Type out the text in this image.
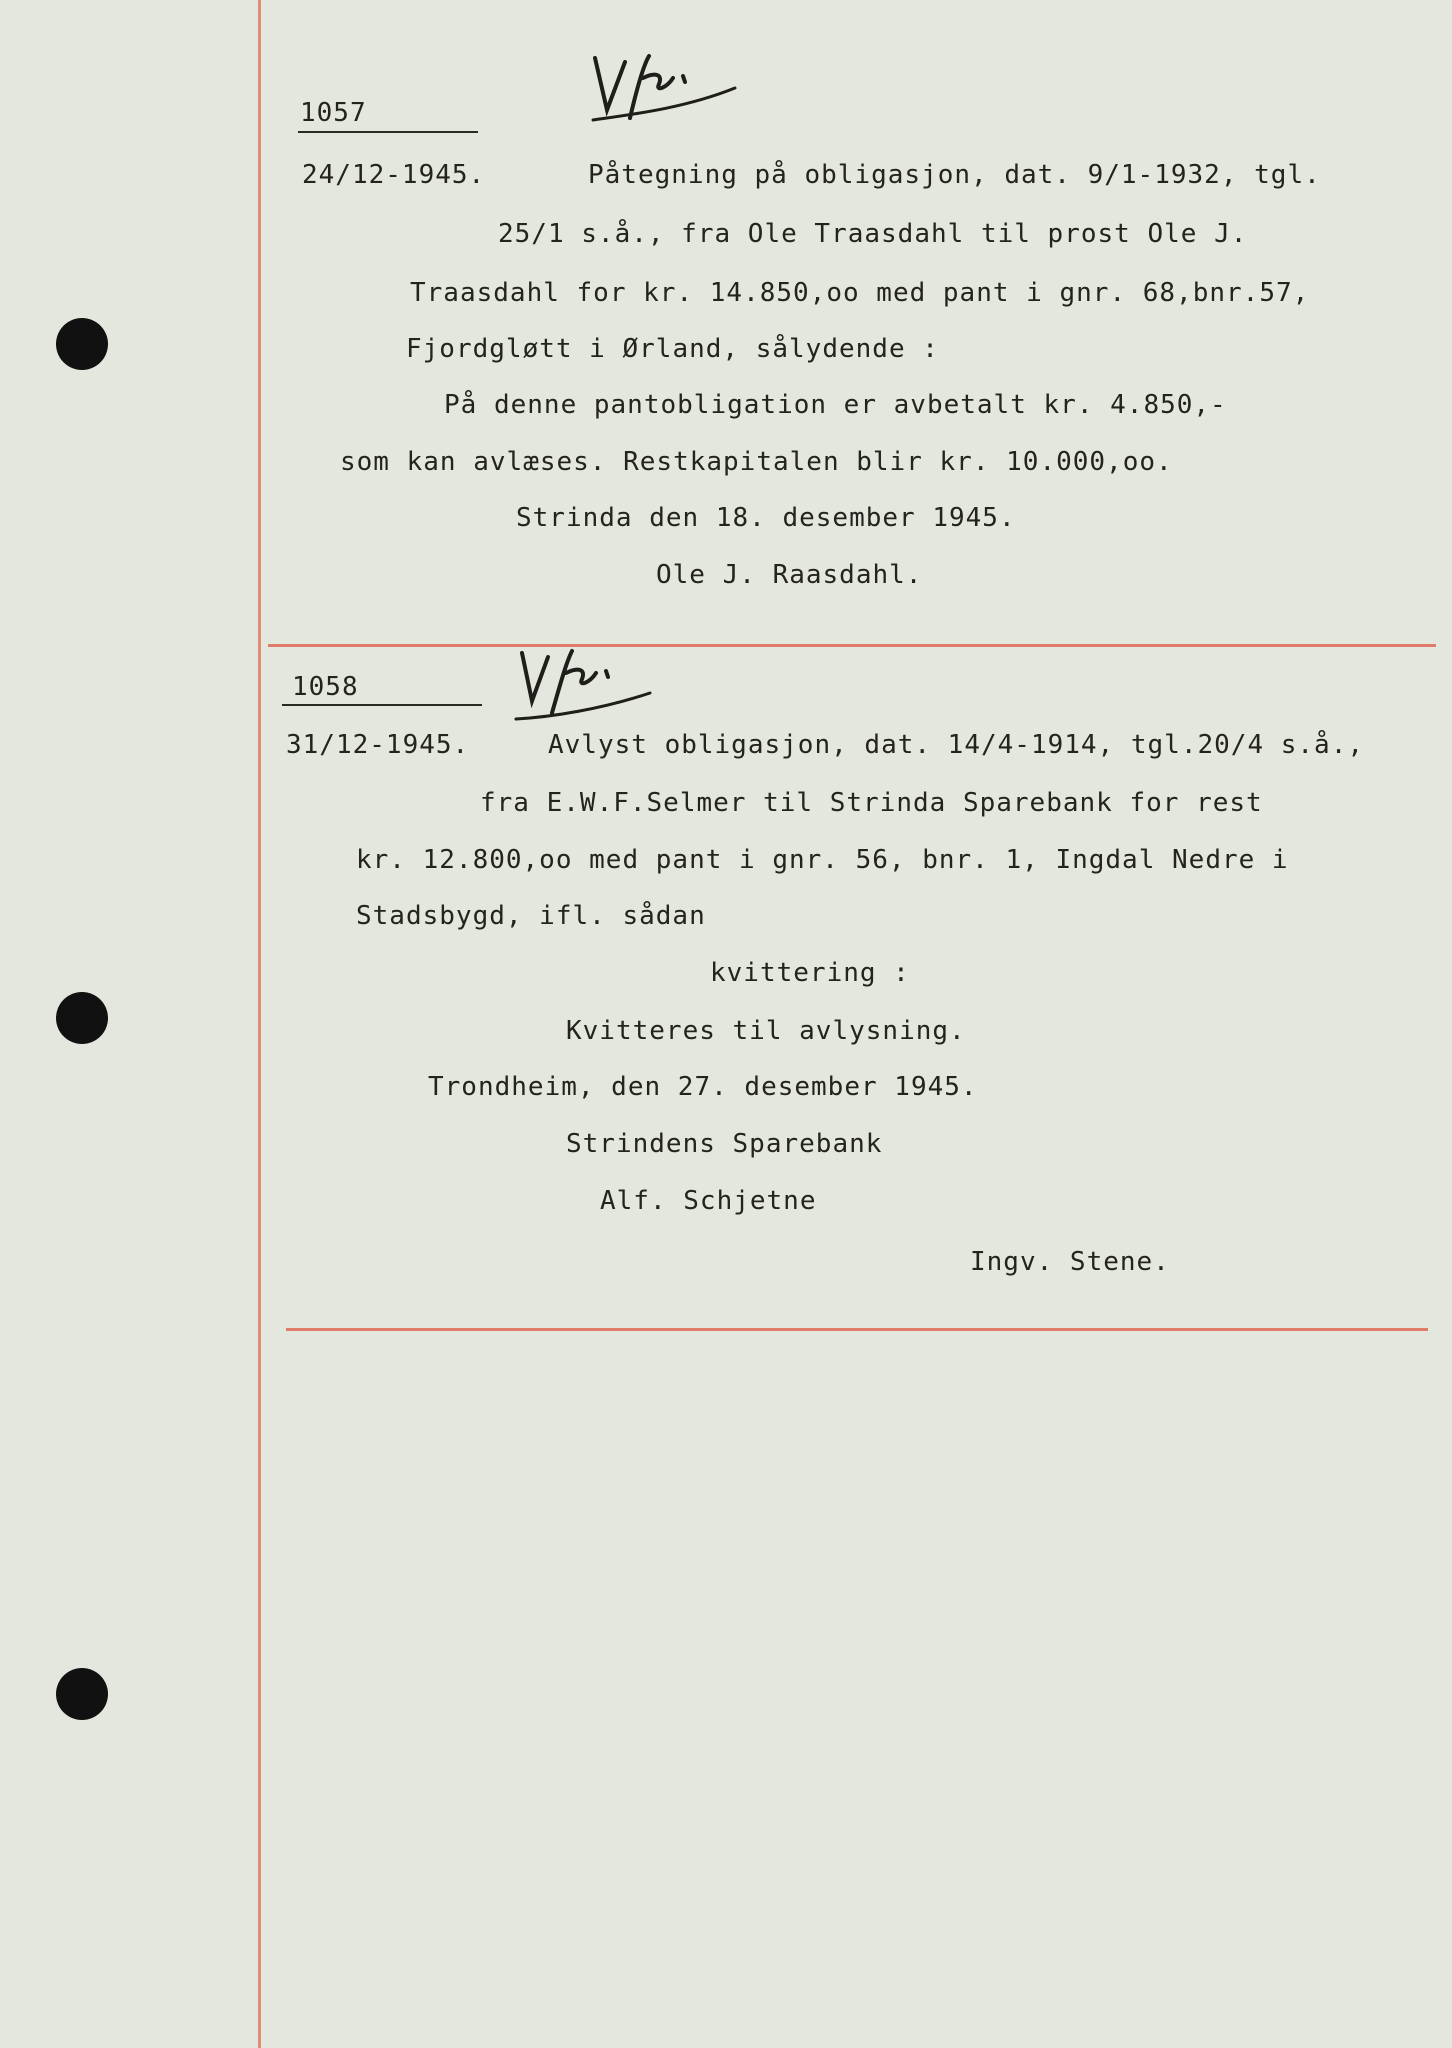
1057
24/12-1945.	Påtegning på obligasjon, dat. 9/1-1932, tgl.
25/1 s.å., fra Ole Traasdahl til prost Ole J.
Traasdahl for kr. 14.850,oo med pant i gnr. 68,bnr.57,
Fjordgløtt i Ørland, sålydende :
På denne pantobligation er avbetalt kr. 4.850,-
som kan avlæses. Restkapitalen blir kr. 10.000,oo.
Strinda den 18. desember 1945.
Ole J. Raasdahl.
1058
31/12-1945.	Avlyst obligasjon, dat. 14/4-1914, tgl.20/4 s.å.,
fra E.W.F.Selmer til Strinda Sparebank for rest
kr. 12.800,oo med pant i gnr. 56, bnr. 1, Ingdal Nedre i
Stadsbygd, ifl. sådan
kvittering :
Kvitteres til avlysning.
Trondheim, den 27. desember 1945.
Strindens Sparebank
Alf. Schjetne
Ingv. Stene.
